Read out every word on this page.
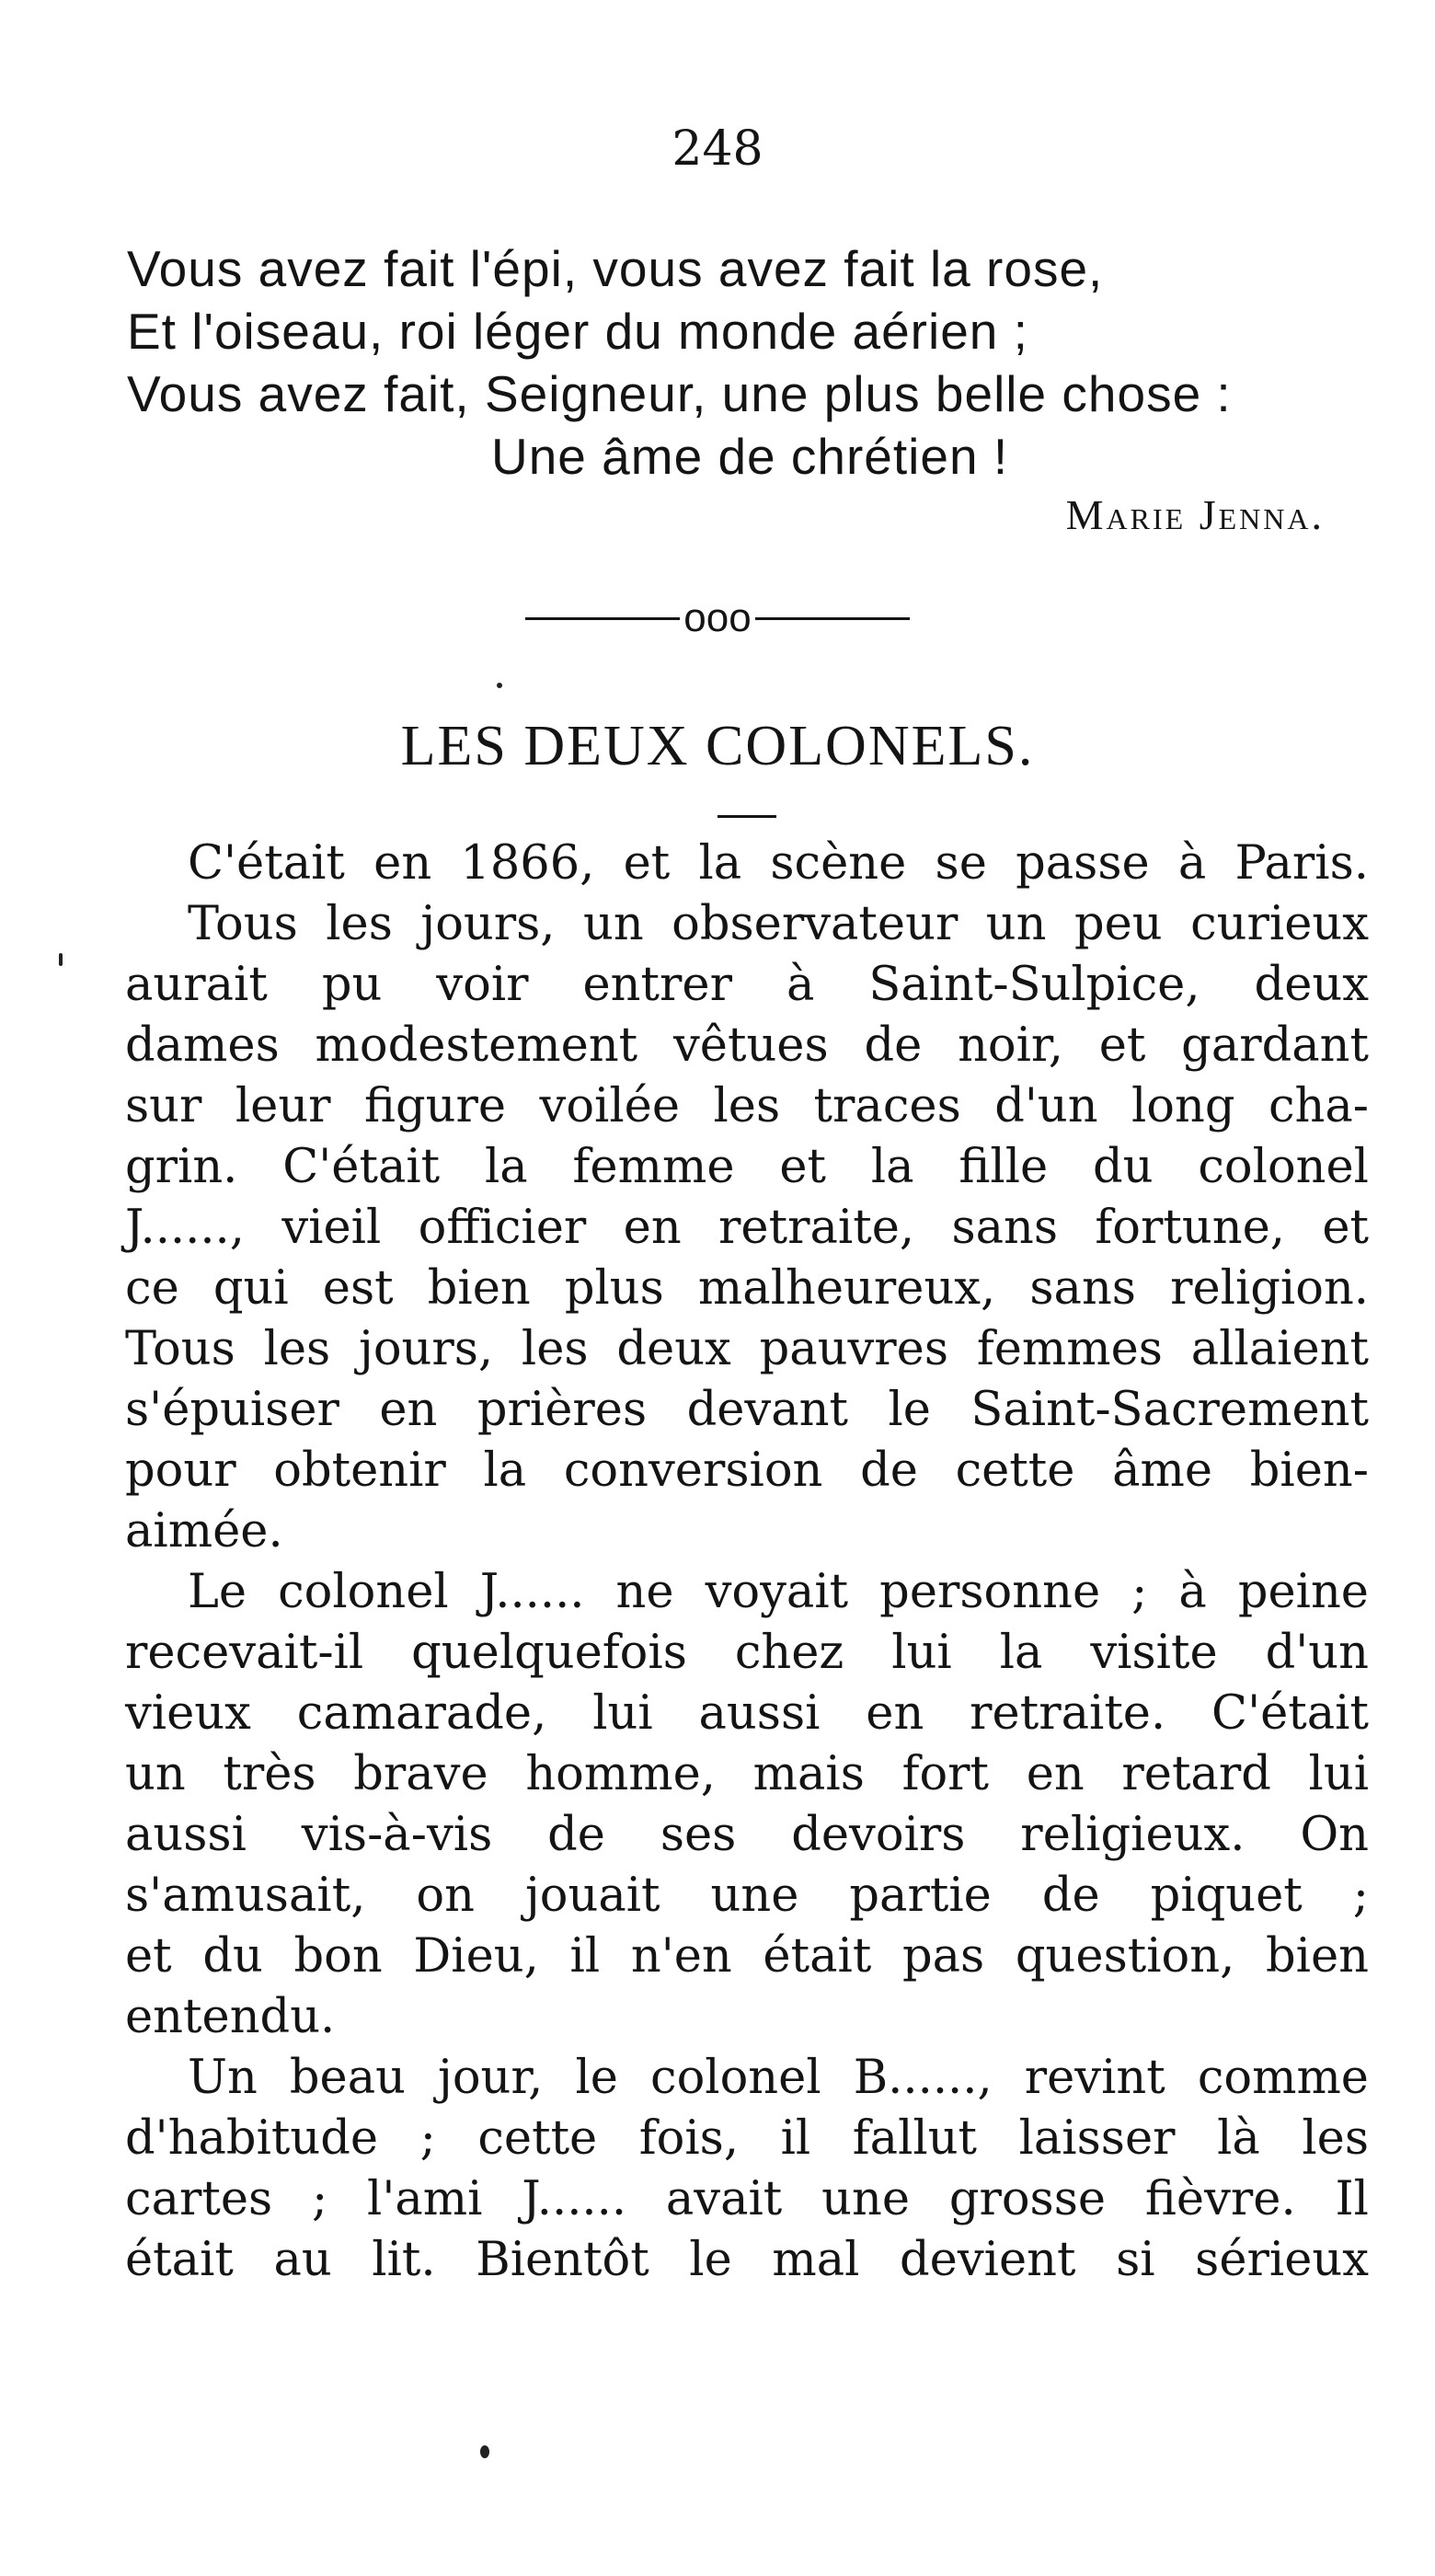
248
Vous avez fait l'épi, vous avez fait la rose,
Et l'oiseau, roi léger du monde aérien ;
Vous avez fait, Seigneur, une plus belle chose :
Une âme de chrétien !
Marie Jenna.
ooo
LES DEUX COLONELS.
C'était en 1866, et la scène se passe à Paris.
Tous les jours, un observateur un peu curieux
aurait pu voir entrer à Saint-Sulpice, deux
dames modestement vêtues de noir, et gardant
sur leur figure voilée les traces d'un long cha-
grin. C'était la femme et la fille du colonel
J......, vieil officier en retraite, sans fortune, et
ce qui est bien plus malheureux, sans religion.
Tous les jours, les deux pauvres femmes allaient
s'épuiser en prières devant le Saint-Sacrement
pour obtenir la conversion de cette âme bien-
aimée.
Le colonel J...... ne voyait personne ; à peine
recevait-il quelquefois chez lui la visite d'un
vieux camarade, lui aussi en retraite. C'était
un très brave homme, mais fort en retard lui
aussi vis-à-vis de ses devoirs religieux. On
s'amusait, on jouait une partie de piquet ;
et du bon Dieu, il n'en était pas question, bien
entendu.
Un beau jour, le colonel B......, revint comme
d'habitude ; cette fois, il fallut laisser là les
cartes ; l'ami J...... avait une grosse fièvre. Il
était au lit. Bientôt le mal devient si sérieux
